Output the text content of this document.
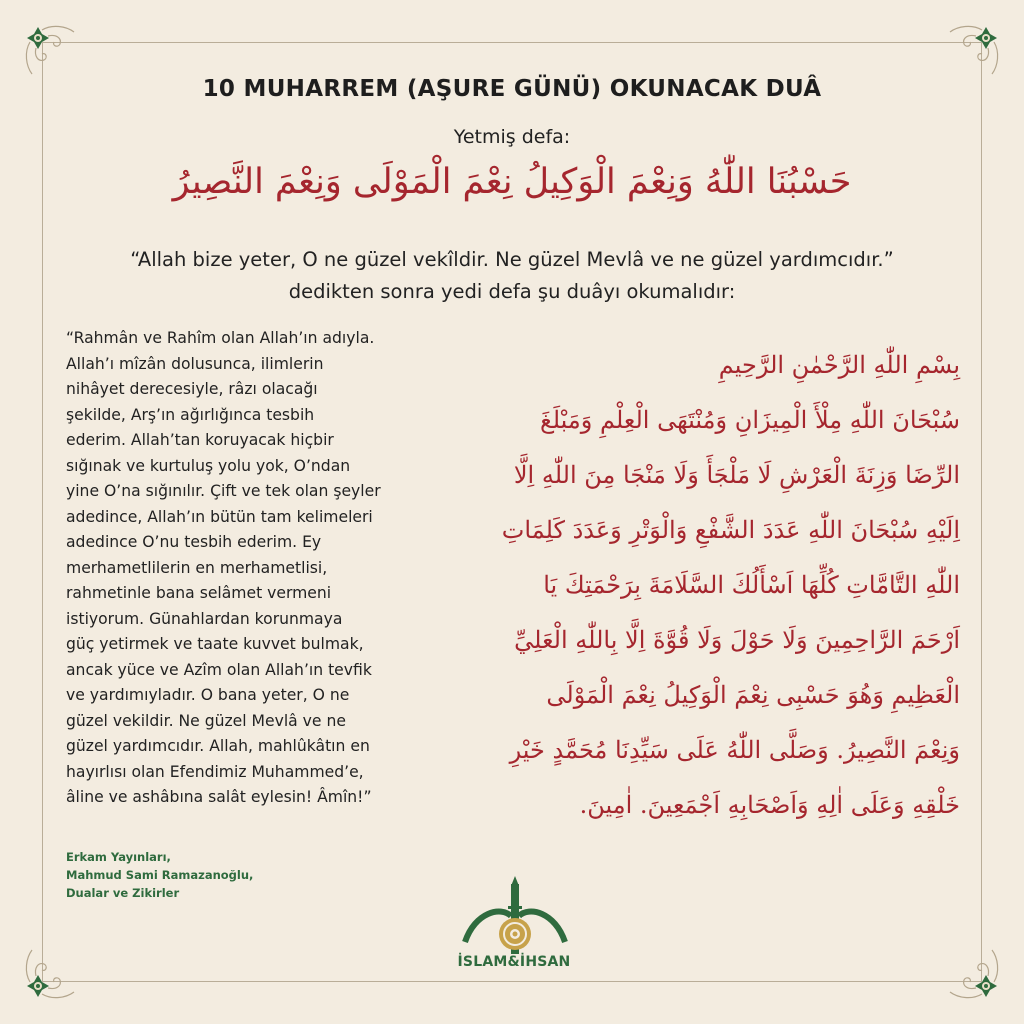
10 MUHARREM (AŞURE GÜNÜ) OKUNACAK DUÂ
Yetmiş defa:
حَسْبُنَا اللّٰهُ وَنِعْمَ الْوَكِيلُ نِعْمَ الْمَوْلَى وَنِعْمَ النَّصِيرُ
“Allah bize yeter, O ne güzel vekîldir. Ne güzel Mevlâ ve ne güzel yardımcıdır.”
dedikten sonra yedi defa şu duâyı okumalıdır:
“Rahmân ve Rahîm olan Allah’ın adıyla.
Allah’ı mîzân dolusunca, ilimlerin
nihâyet derecesiyle, râzı olacağı
şekilde, Arş’ın ağırlığınca tesbih
ederim. Allah’tan koruyacak hiçbir
sığınak ve kurtuluş yolu yok, O’ndan
yine O’na sığınılır. Çift ve tek olan şeyler
adedince, Allah’ın bütün tam kelimeleri
adedince O’nu tesbih ederim. Ey
merhametlilerin en merhametlisi,
rahmetinle bana selâmet vermeni
istiyorum. Günahlardan korunmaya
güç yetirmek ve taate kuvvet bulmak,
ancak yüce ve Azîm olan Allah’ın tevfik
ve yardımıyladır. O bana yeter, O ne
güzel vekildir. Ne güzel Mevlâ ve ne
güzel yardımcıdır. Allah, mahlûkâtın en
hayırlısı olan Efendimiz Muhammed’e,
âline ve ashâbına salât eylesin! Âmîn!”
Erkam Yayınları,
Mahmud Sami Ramazanoğlu,
Dualar ve Zikirler
بِسْمِ اللّٰهِ الرَّحْمٰنِ الرَّحِيمِ
سُبْحَانَ اللّٰهِ مِلْأَ الْمِيزَانِ وَمُنْتَهَى الْعِلْمِ وَمَبْلَغَ
الرِّضَا وَزِنَةَ الْعَرْشِ لَا مَلْجَأَ وَلَا مَنْجَا مِنَ اللّٰهِ اِلَّا
اِلَيْهِ سُبْحَانَ اللّٰهِ عَدَدَ الشَّفْعِ وَالْوَتْرِ وَعَدَدَ كَلِمَاتِ
اللّٰهِ التَّامَّاتِ كُلِّهَا اَسْأَلُكَ السَّلَامَةَ بِرَحْمَتِكَ يَا
اَرْحَمَ الرَّاحِمِينَ وَلَا حَوْلَ وَلَا قُوَّةَ اِلَّا بِاللّٰهِ الْعَلِيِّ
الْعَظِيمِ وَهُوَ حَسْبِى نِعْمَ الْوَكِيلُ نِعْمَ الْمَوْلَى
وَنِعْمَ النَّصِيرُ. وَصَلَّى اللّٰهُ عَلَى سَيِّدِنَا مُحَمَّدٍ خَيْرِ
خَلْقِهِ وَعَلَى اٰلِهِ وَاَصْحَابِهِ اَجْمَعِينَ. اٰمِينَ.
İSLAM&İHSAN
